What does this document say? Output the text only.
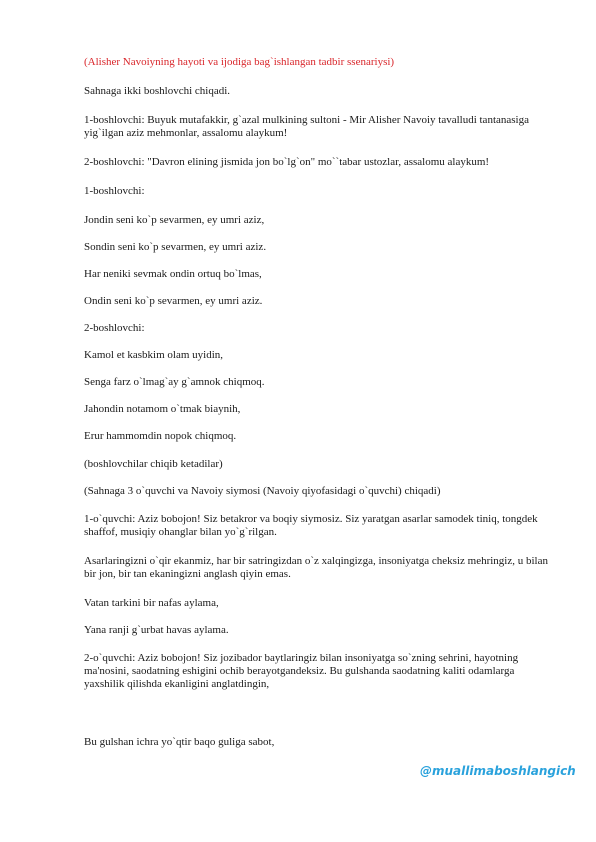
(Alisher Navoiyning hayoti va ijodiga bag`ishlangan tadbir ssenariysi)
Sahnaga ikki boshlovchi chiqadi.
1-boshlovchi: Buyuk mutafakkir, g`azal mulkining sultoni - Mir Alisher Navoiy tavalludi tantanasiga yig`ilgan aziz mehmonlar, assalomu alaykum!
2-boshlovchi: "Davron elining jismida jon bo`lg`on" mo``tabar ustozlar, assalomu alaykum!
1-boshlovchi:
Jondin seni ko`p sevarmen, ey umri aziz,
Sondin seni ko`p sevarmen, ey umri aziz.
Har neniki sevmak ondin ortuq bo`lmas,
Ondin seni ko`p sevarmen, ey umri aziz.
2-boshlovchi:
Kamol et kasbkim olam uyidin,
Senga farz o`lmag`ay g`amnok chiqmoq.
Jahondin notamom o`tmak biaynih,
Erur hammomdin nopok chiqmoq.
(boshlovchilar chiqib ketadilar)
(Sahnaga 3 o`quvchi va Navoiy siymosi (Navoiy qiyofasidagi o`quvchi) chiqadi)
1-o`quvchi: Aziz bobojon! Siz betakror va boqiy siymosiz. Siz yaratgan asarlar samodek tiniq, tongdek shaffof, musiqiy ohanglar bilan yo`g`rilgan.
Asarlaringizni o`qir ekanmiz, har bir satringizdan o`z xalqingizga, insoniyatga cheksiz mehringiz, u bilan bir jon, bir tan ekaningizni anglash qiyin emas.
Vatan tarkini bir nafas aylama,
Yana ranji g`urbat havas aylama.
2-o`quvchi: Aziz bobojon! Siz jozibador baytlaringiz bilan insoniyatga so`zning sehrini, hayotning ma'nosini, saodatning eshigini ochib berayotgandeksiz. Bu gulshanda saodatning kaliti odamlarga yaxshilik qilishda ekanligini anglatdingin,
Bu gulshan ichra yo`qtir baqo guliga sabot,
@muallimaboshlangich
